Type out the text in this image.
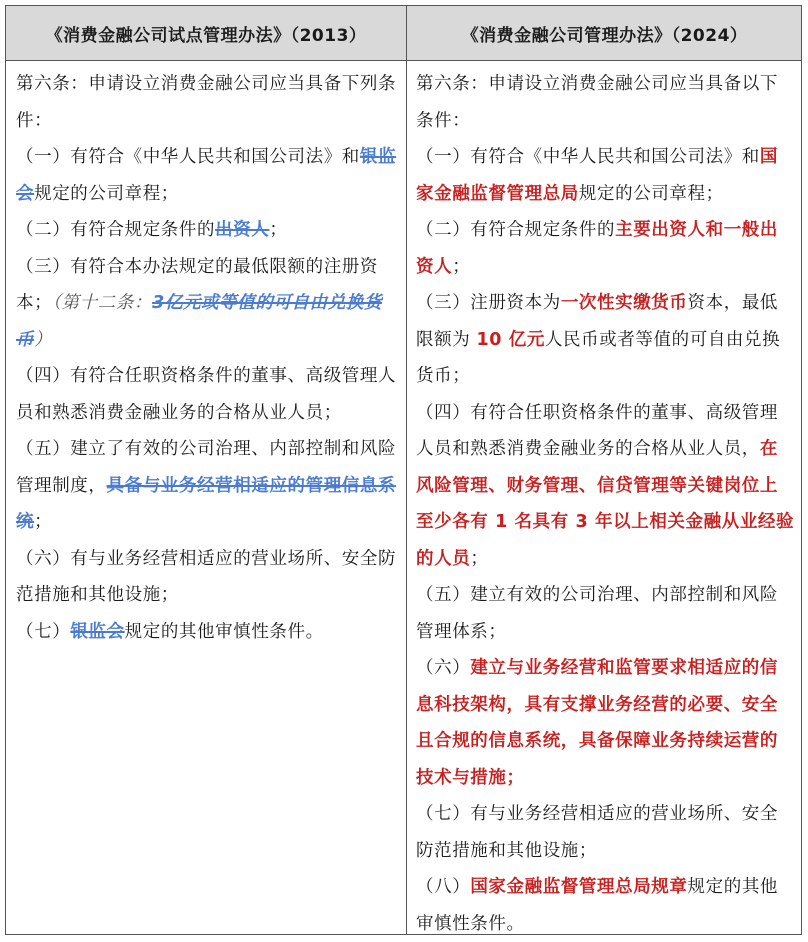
《消费金融公司试点管理办法》（2013）	《消费金融公司管理办法》（2024）

第六条：申请设立消费金融公司应当具备下列条件：

（一）有符合《中华人民共和国公司法》和银监会规定的公司章程；

（二）有符合规定条件的出资人；

（三）有符合本办法规定的最低限额的注册资本；（第十二条：3亿元或等值的可自由兑换货币）

（四）有符合任职资格条件的董事、高级管理人员和熟悉消费金融业务的合格从业人员；

（五）建立了有效的公司治理、内部控制和风险管理制度，具备与业务经营相适应的管理信息系统；

（六）有与业务经营相适应的营业场所、安全防范措施和其他设施；

（七）银监会规定的其他审慎性条件。

第六条：申请设立消费金融公司应当具备以下条件：

（一）有符合《中华人民共和国公司法》和国家金融监督管理总局规定的公司章程；

（二）有符合规定条件的主要出资人和一般出资人；

（三）注册资本为一次性实缴货币资本，最低限额为 10 亿元人民币或者等值的可自由兑换货币；

（四）有符合任职资格条件的董事、高级管理人员和熟悉消费金融业务的合格从业人员，在风险管理、财务管理、信贷管理等关键岗位上至少各有 1 名具有 3 年以上相关金融从业经验的人员；

（五）建立有效的公司治理、内部控制和风险管理体系；

（六）建立与业务经营和监管要求相适应的信息科技架构，具有支撑业务经营的必要、安全且合规的信息系统，具备保障业务持续运营的技术与措施；

（七）有与业务经营相适应的营业场所、安全防范措施和其他设施；

（八）国家金融监督管理总局规章规定的其他审慎性条件。
